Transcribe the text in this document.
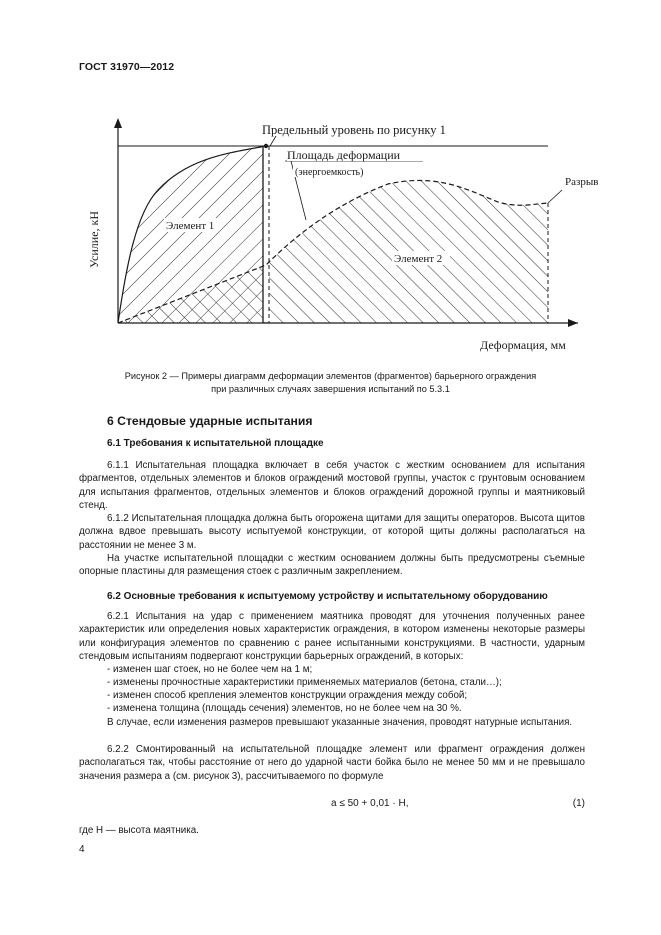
ГОСТ 31970—2012
Предельный уровень по рисунку 1
Площадь деформации
(энергоемкость)
Разрыв
Элемент 1
Элемент 2
Усилие, кН
Деформация, мм
Рисунок 2 — Примеры диаграмм деформации элементов (фрагментов) барьерного ограждения
при различных случаях завершения испытаний по 5.3.1
6 Стендовые ударные испытания
6.1 Требования к испытательной площадке
6.1.1 Испытательная площадка включает в себя участок с жестким основанием для испытания фрагментов, отдельных элементов и блоков ограждений мостовой группы, участок с грунтовым основанием для испытания фрагментов, отдельных элементов и блоков ограждений дорожной группы и маятниковый стенд.
6.1.2 Испытательная площадка должна быть огорожена щитами для защиты операторов. Высота щитов должна вдвое превышать высоту испытуемой конструкции, от которой щиты должны располагаться на расстоянии не менее 3 м.
На участке испытательной площадки с жестким основанием должны быть предусмотрены съемные опорные пластины для размещения стоек с различным закреплением.
6.2 Основные требования к испытуемому устройству и испытательному оборудованию
6.2.1 Испытания на удар с применением маятника проводят для уточнения полученных ранее характеристик или определения новых характеристик ограждения, в котором изменены некоторые размеры или конфигурация элементов по сравнению с ранее испытанными конструкциями. В частности, ударным стендовым испытаниям подвергают конструкции барьерных ограждений, в которых:
- изменен шаг стоек, но не более чем на 1 м;
- изменены прочностные характеристики применяемых материалов (бетона, стали…);
- изменен способ крепления элементов конструкции ограждения между собой;
- изменена толщина (площадь сечения) элементов, но не более чем на 30 %.
В случае, если изменения размеров превышают указанные значения, проводят натурные испытания.
6.2.2 Смонтированный на испытательной площадке элемент или фрагмент ограждения должен располагаться так, чтобы расстояние от него до ударной части бойка было не менее 50 мм и не превышало значения размера a (см. рисунок 3), рассчитываемого по формуле
a ≤ 50 + 0,01 · H,	(1)
где H — высота маятника.
4
